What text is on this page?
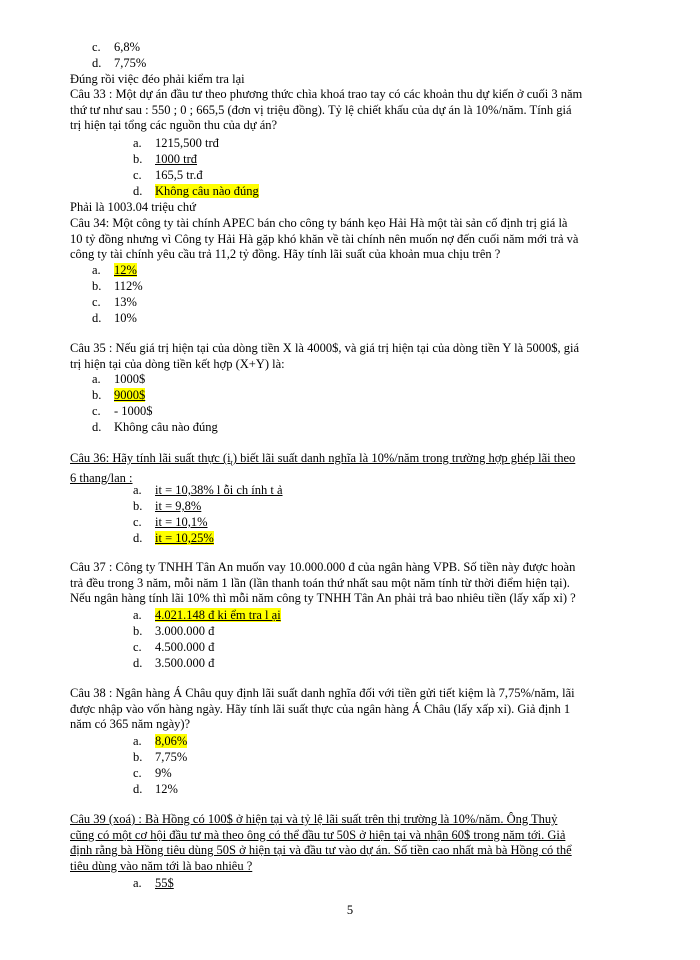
c. 6,8%
d. 7,75%
Đúng rồi việc đéo phải kiểm tra lại
Câu 33 : Một dự án đầu tư theo phương thức chìa khoá trao tay có các khoản thu dự kiến ở cuối 3 năm
thứ tư như sau : 550 ; 0 ; 665,5 (đơn vị triệu đồng). Tỷ lệ chiết khấu của dự án là 10%/năm. Tính giá
trị hiện tại tổng các nguồn thu của dự án?
a. 1215,500 trđ
b. 1000 trđ
c. 165,5 tr.đ
d. Không câu nào đúng
Phải là 1003.04 triệu chứ
Câu 34: Một công ty tài chính APEC bán cho công ty bánh kẹo Hải Hà một tài sản cố định trị giá là
10 tỷ đồng nhưng vì Công ty Hải Hà gặp khó khăn về tài chính nên muốn nợ đến cuối năm mới trả và
công ty tài chính yêu cầu trả 11,2 tỷ đồng. Hãy tính lãi suất của khoản mua chịu trên ?
a. 12%
b. 112%
c. 13%
d. 10%
Câu 35 : Nếu giá trị hiện tại của dòng tiền X là 4000$, và giá trị hiện tại của dòng tiền Y là 5000$, giá
trị hiện tại của dòng tiền kết hợp (X+Y) là:
a. 1000$
b. 9000$
c. - 1000$
d. Không câu nào đúng
Câu 36: Hãy tính lãi suất thực $(i_t)$ biết lãi suất danh nghĩa là 10%/năm trong trường hợp ghép lãi theo
6 thang/lan :
a. it = 10,38% l ỗi ch ính t ả
b. it = 9,8%
c. it = 10,1%
d. it = 10,25%
Câu 37 : Công ty TNHH Tân An muốn vay 10.000.000 đ của ngân hàng VPB. Số tiền này được hoàn
trả đều trong 3 năm, mỗi năm 1 lần (lần thanh toán thứ nhất sau một năm tính từ thời điểm hiện tại).
Nếu ngân hàng tính lãi 10% thì mỗi năm công ty TNHH Tân An phải trả bao nhiêu tiền (lấy xấp xỉ) ?
a. 4.021.148 đ ki ểm tra l ại
b. 3.000.000 đ
c. 4.500.000 đ
d. 3.500.000 đ
Câu 38 : Ngân hàng Á Châu quy định lãi suất danh nghĩa đối với tiền gửi tiết kiệm là 7,75%/năm, lãi
được nhập vào vốn hàng ngày. Hãy tính lãi suất thực của ngân hàng Á Châu (lấy xấp xỉ). Giả định 1
năm có 365 năm ngày)?
a. 8,06%
b. 7,75%
c. 9%
d. 12%
Câu 39 (xoá) : Bà Hồng có 100$ ở hiện tại và tỷ lệ lãi suất trên thị trường là 10%/năm. Ông Thuỷ
cũng có một cơ hội đầu tư mà theo ông có thể đầu tư 50S ở hiện tại và nhận 60$ trong năm tới. Giả
định rằng bà Hồng tiêu dùng 50S ở hiện tại và đầu tư vào dự án. Số tiền cao nhất mà bà Hồng có thể
tiêu dùng vào năm tới là bao nhiêu ?
a. 55$
5
